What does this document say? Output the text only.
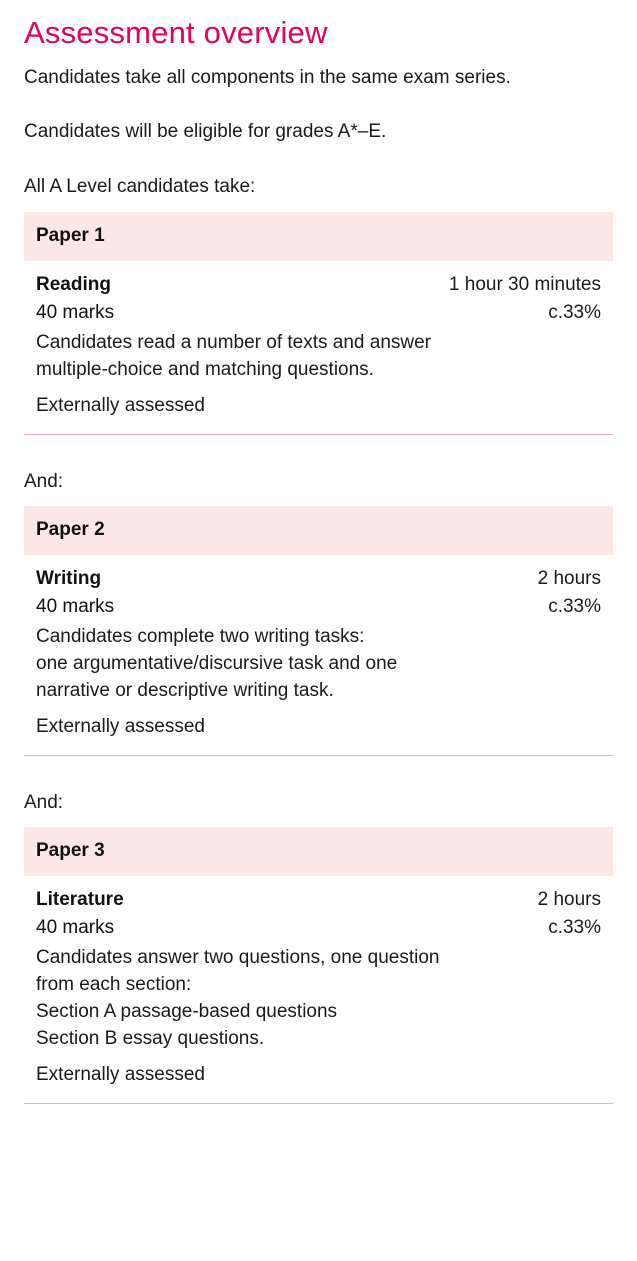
Assessment overview

Candidates take all components in the same exam series.

Candidates will be eligible for grades A*–E.

All A Level candidates take:

Paper 1
Reading	1 hour 30 minutes
40 marks	c.33%
Candidates read a number of texts and answer
multiple-choice and matching questions.
Externally assessed

And:

Paper 2
Writing	2 hours
40 marks	c.33%
Candidates complete two writing tasks:
one argumentative/discursive task and one
narrative or descriptive writing task.
Externally assessed

And:

Paper 3
Literature	2 hours
40 marks	c.33%
Candidates answer two questions, one question
from each section:
Section A passage-based questions
Section B essay questions.
Externally assessed
